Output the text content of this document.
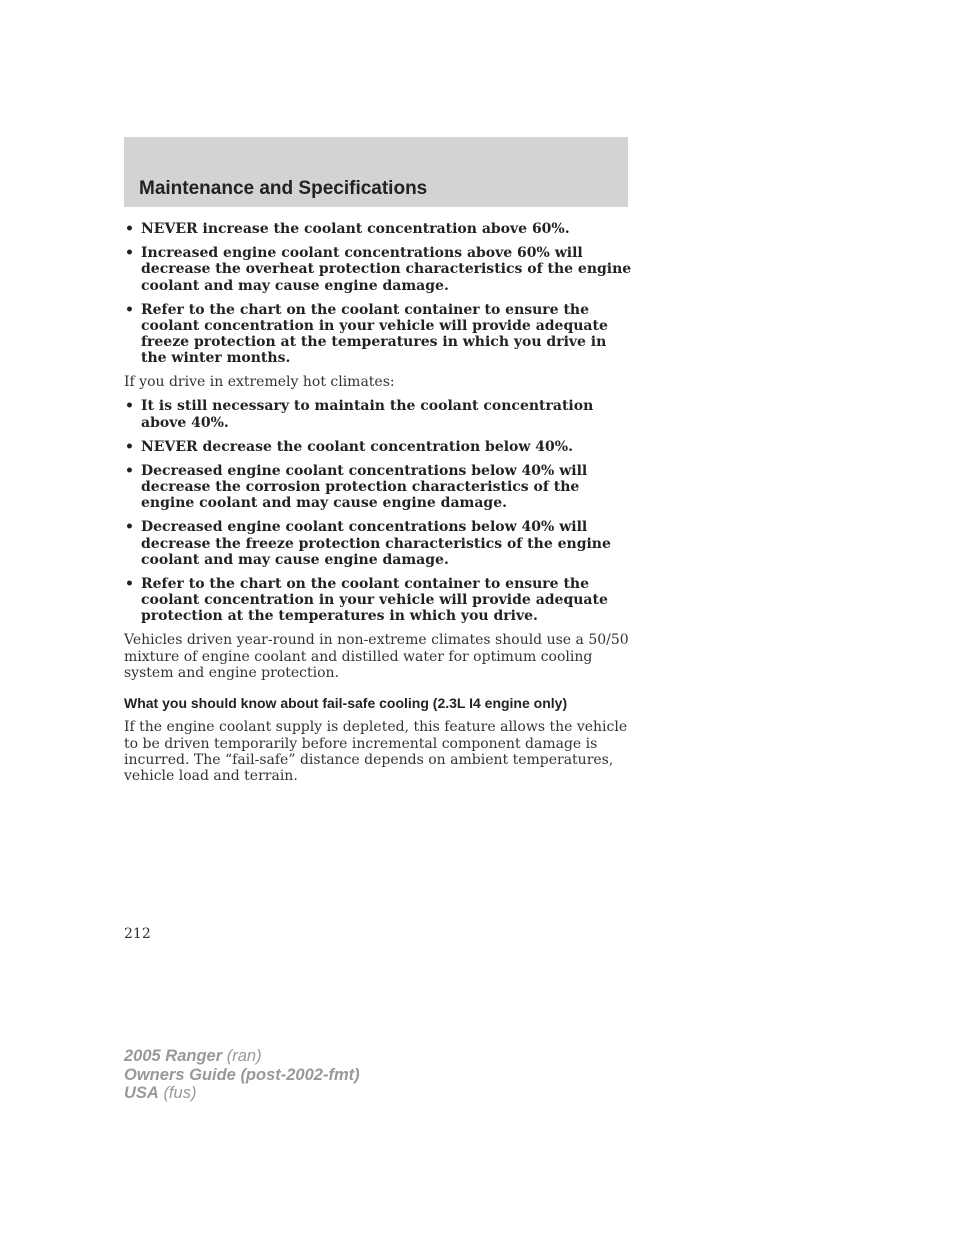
Maintenance and Specifications
• NEVER increase the coolant concentration above 60%.
• Increased engine coolant concentrations above 60% will decrease the overheat protection characteristics of the engine coolant and may cause engine damage.
• Refer to the chart on the coolant container to ensure the coolant concentration in your vehicle will provide adequate freeze protection at the temperatures in which you drive in the winter months.

If you drive in extremely hot climates:

• It is still necessary to maintain the coolant concentration above 40%.
• NEVER decrease the coolant concentration below 40%.
• Decreased engine coolant concentrations below 40% will decrease the corrosion protection characteristics of the engine coolant and may cause engine damage.
• Decreased engine coolant concentrations below 40% will decrease the freeze protection characteristics of the engine coolant and may cause engine damage.
• Refer to the chart on the coolant container to ensure the coolant concentration in your vehicle will provide adequate protection at the temperatures in which you drive.

Vehicles driven year-round in non-extreme climates should use a 50/50 mixture of engine coolant and distilled water for optimum cooling system and engine protection.

What you should know about fail-safe cooling (2.3L I4 engine only)

If the engine coolant supply is depleted, this feature allows the vehicle to be driven temporarily before incremental component damage is incurred. The “fail-safe” distance depends on ambient temperatures, vehicle load and terrain.

212

2005 Ranger (ran)
Owners Guide (post-2002-fmt)
USA (fus)
